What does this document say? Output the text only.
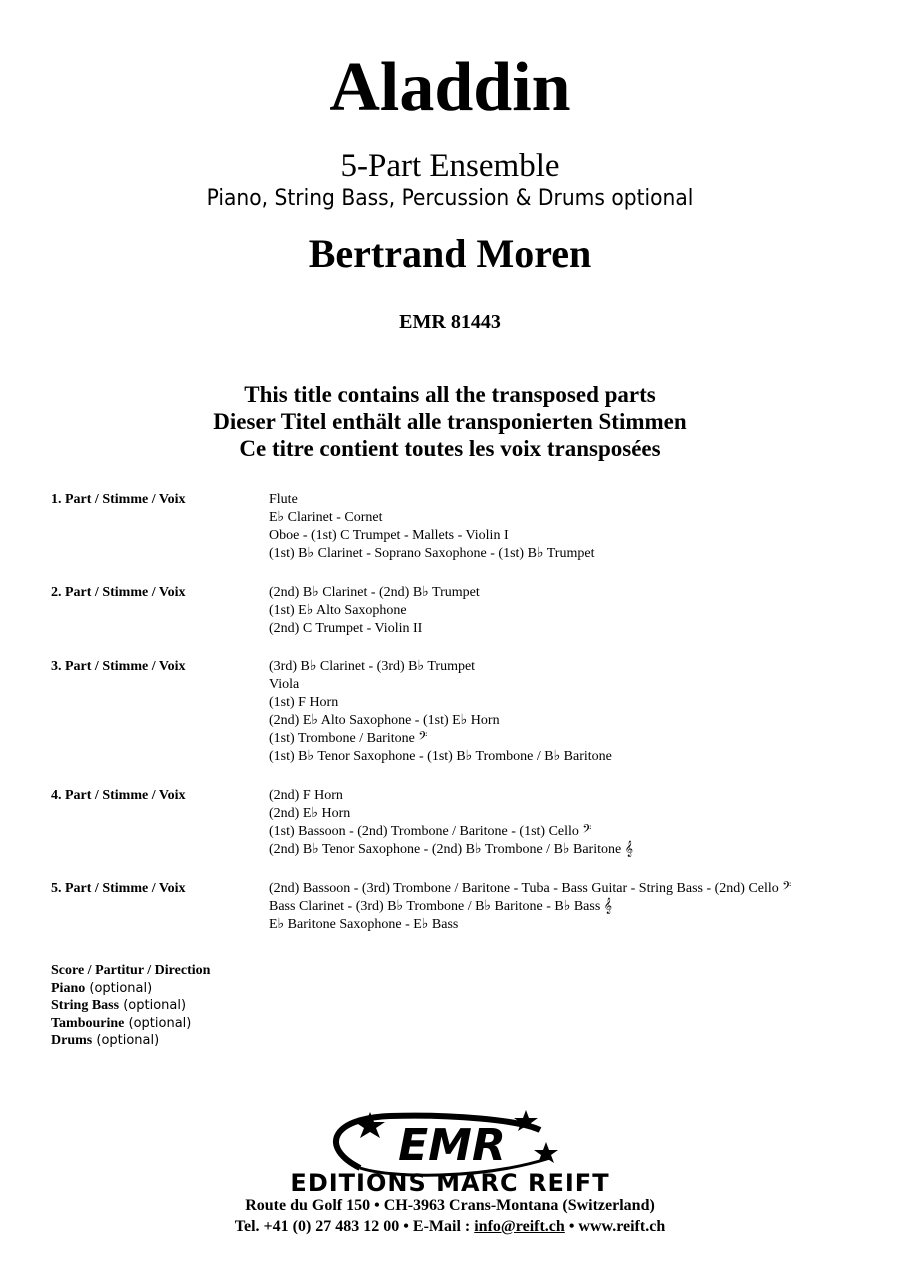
Aladdin
5-Part Ensemble
Piano, String Bass, Percussion & Drums optional
Bertrand Moren
EMR 81443
This title contains all the transposed parts
Dieser Titel enthält alle transponierten Stimmen
Ce titre contient toutes les voix transposées
1. Part / Stimme / Voix	Flute
E♭ Clarinet - Cornet
Oboe - (1st) C Trumpet - Mallets - Violin I
(1st) B♭ Clarinet - Soprano Saxophone - (1st) B♭ Trumpet
2. Part / Stimme / Voix	(2nd) B♭ Clarinet - (2nd) B♭ Trumpet
(1st) E♭ Alto Saxophone
(2nd) C Trumpet - Violin II
3. Part / Stimme / Voix	(3rd) B♭ Clarinet - (3rd) B♭ Trumpet
Viola
(1st) F Horn
(2nd) E♭ Alto Saxophone - (1st) E♭ Horn
(1st) Trombone / Baritone 𝄢
(1st) B♭ Tenor Saxophone - (1st) B♭ Trombone / B♭ Baritone
4. Part / Stimme / Voix	(2nd) F Horn
(2nd) E♭ Horn
(1st) Bassoon - (2nd) Trombone / Baritone - (1st) Cello 𝄢
(2nd) B♭ Tenor Saxophone - (2nd) B♭ Trombone / B♭ Baritone 𝄞
5. Part / Stimme / Voix	(2nd) Bassoon - (3rd) Trombone / Baritone - Tuba - Bass Guitar - String Bass - (2nd) Cello 𝄢
Bass Clarinet - (3rd) B♭ Trombone / B♭ Baritone - B♭ Bass 𝄞
E♭ Baritone Saxophone - E♭ Bass
Score / Partitur / Direction
Piano (optional)
String Bass (optional)
Tambourine (optional)
Drums (optional)
EMR
EDITIONS MARC REIFT
Route du Golf 150 • CH-3963 Crans-Montana (Switzerland)
Tel. +41 (0) 27 483 12 00 • E-Mail : info@reift.ch • www.reift.ch
